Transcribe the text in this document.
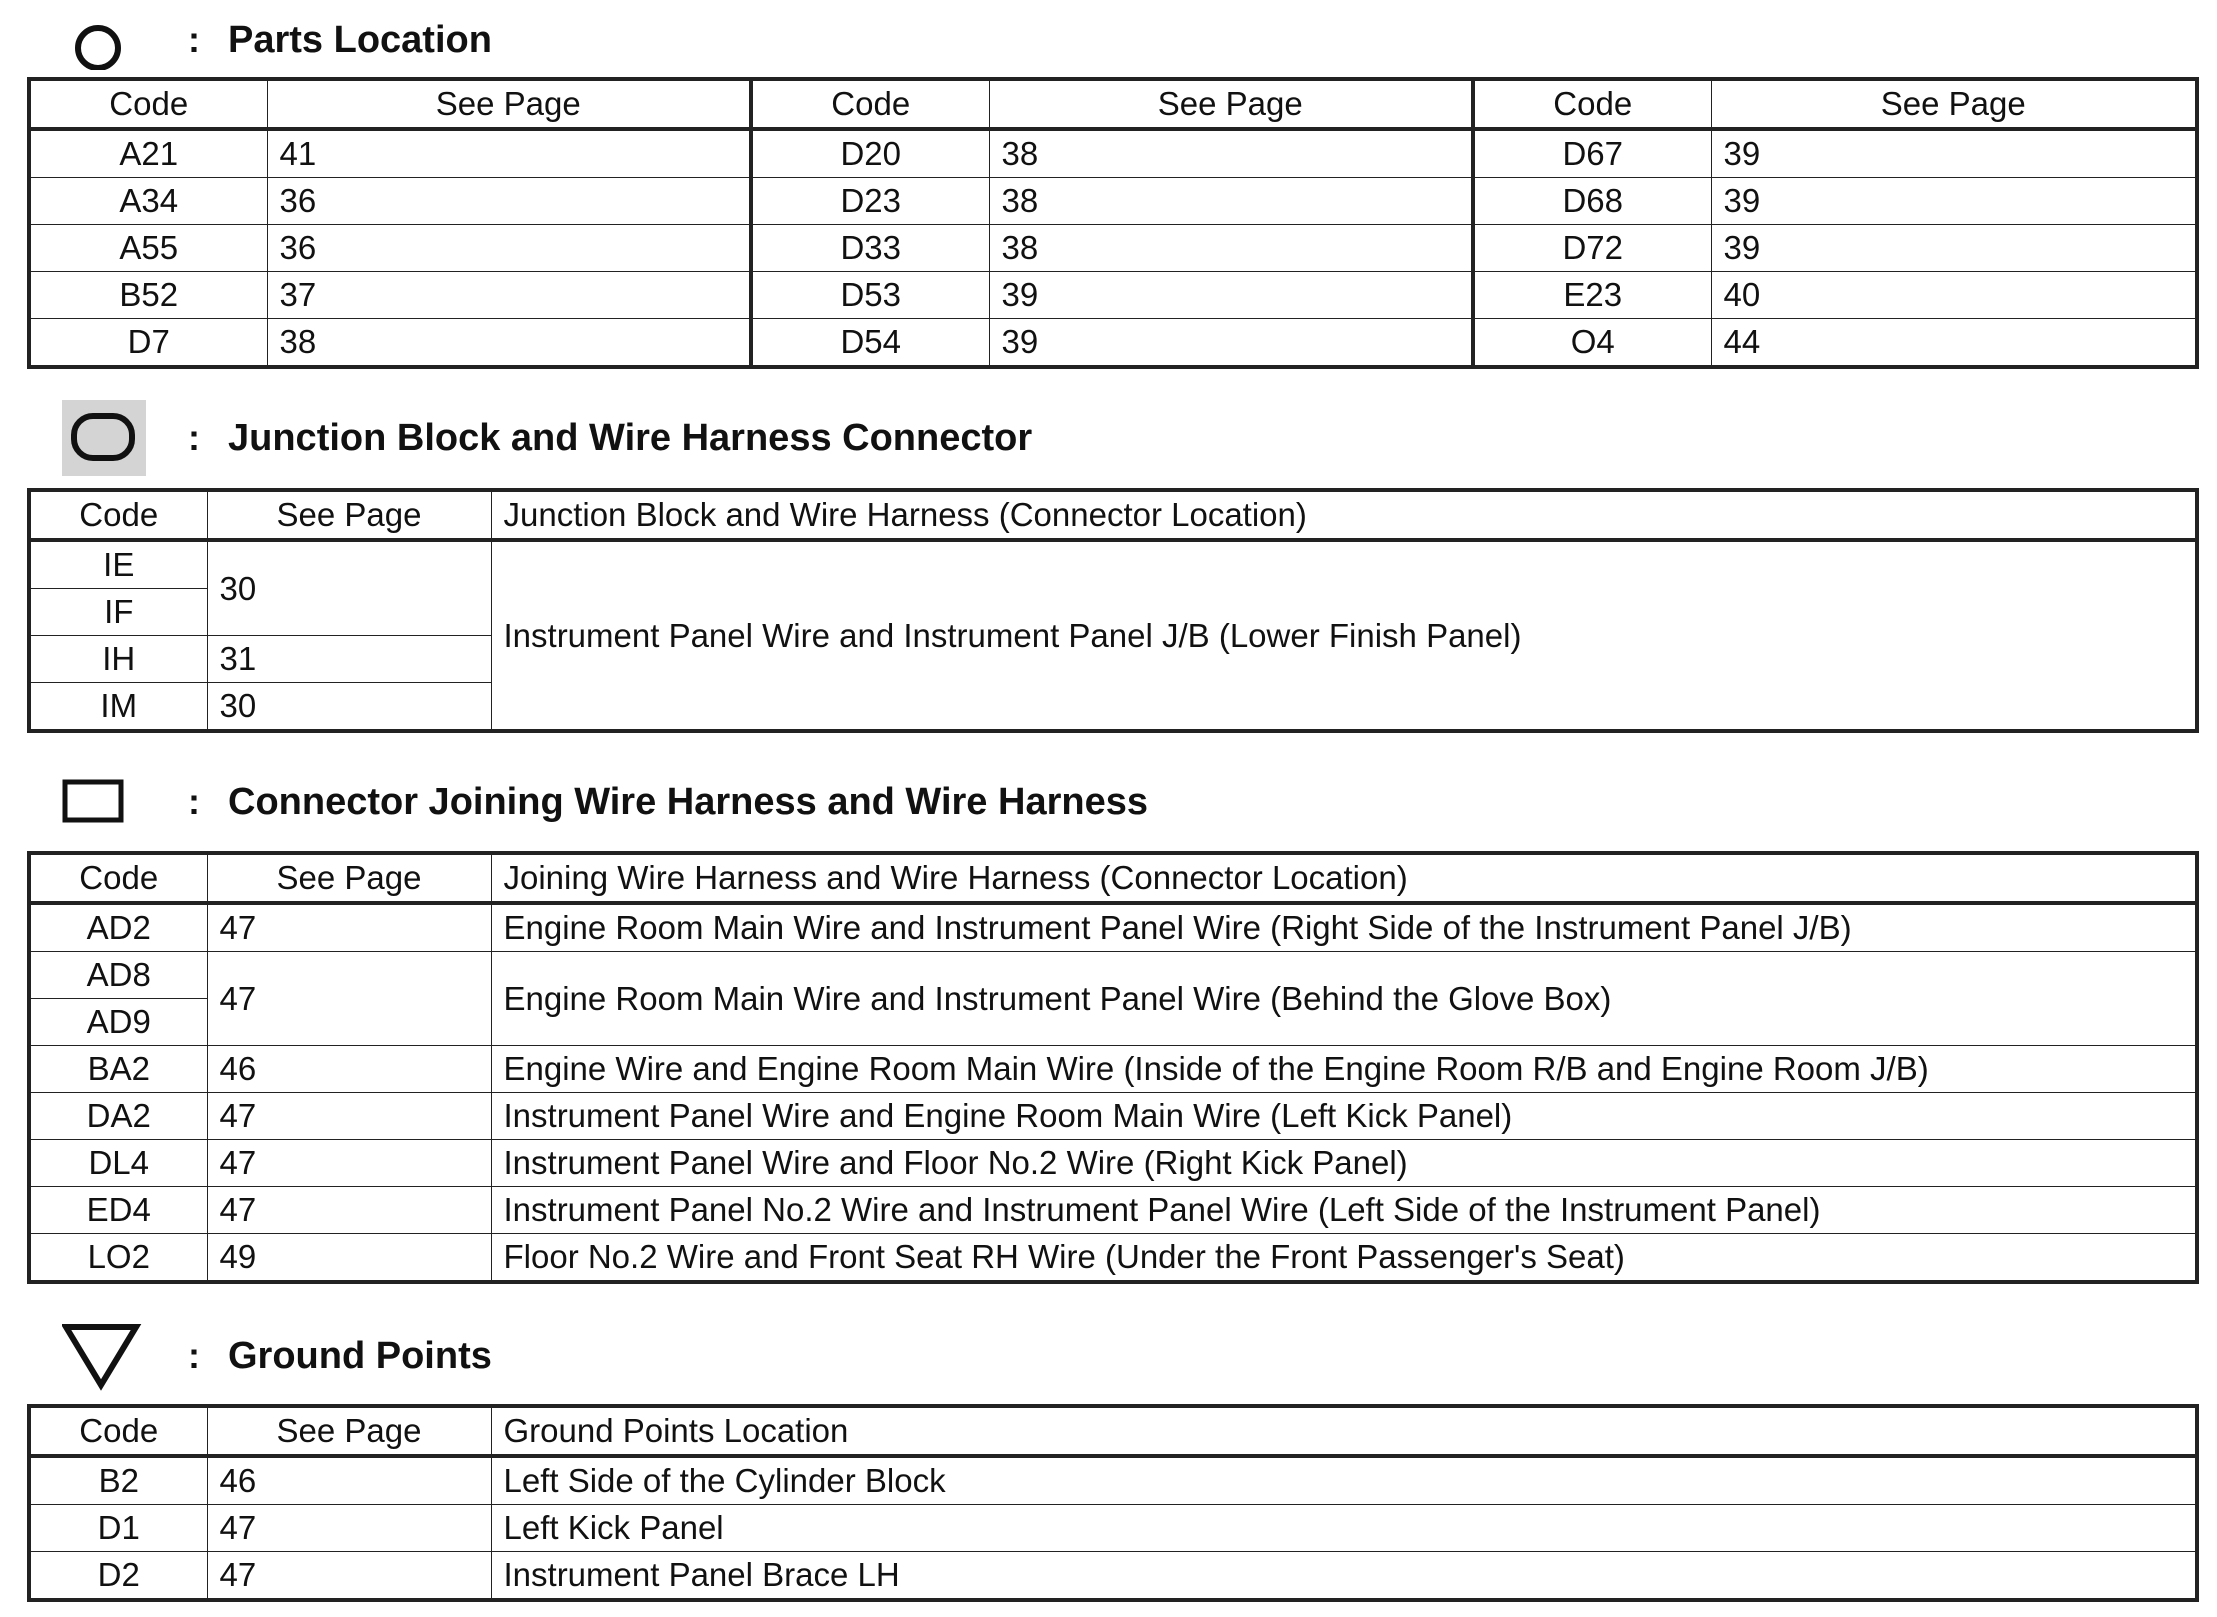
: Parts Location
Code	See Page	Code	See Page	Code	See Page
A21	41	D20	38	D67	39
A34	36	D23	38	D68	39
A55	36	D33	38	D72	39
B52	37	D53	39	E23	40
D7	38	D54	39	O4	44
: Junction Block and Wire Harness Connector
Code	See Page	Junction Block and Wire Harness (Connector Location)
IE	30	Instrument Panel Wire and Instrument Panel J/B (Lower Finish Panel)
IF		
IH	31	
IM	30	
: Connector Joining Wire Harness and Wire Harness
Code	See Page	Joining Wire Harness and Wire Harness (Connector Location)
AD2	47	Engine Room Main Wire and Instrument Panel Wire (Right Side of the Instrument Panel J/B)
AD8	47	Engine Room Main Wire and Instrument Panel Wire (Behind the Glove Box)
AD9		
BA2	46	Engine Wire and Engine Room Main Wire (Inside of the Engine Room R/B and Engine Room J/B)
DA2	47	Instrument Panel Wire and Engine Room Main Wire (Left Kick Panel)
DL4	47	Instrument Panel Wire and Floor No.2 Wire (Right Kick Panel)
ED4	47	Instrument Panel No.2 Wire and Instrument Panel Wire (Left Side of the Instrument Panel)
LO2	49	Floor No.2 Wire and Front Seat RH Wire (Under the Front Passenger's Seat)
: Ground Points
Code	See Page	Ground Points Location
B2	46	Left Side of the Cylinder Block
D1	47	Left Kick Panel
D2	47	Instrument Panel Brace LH
